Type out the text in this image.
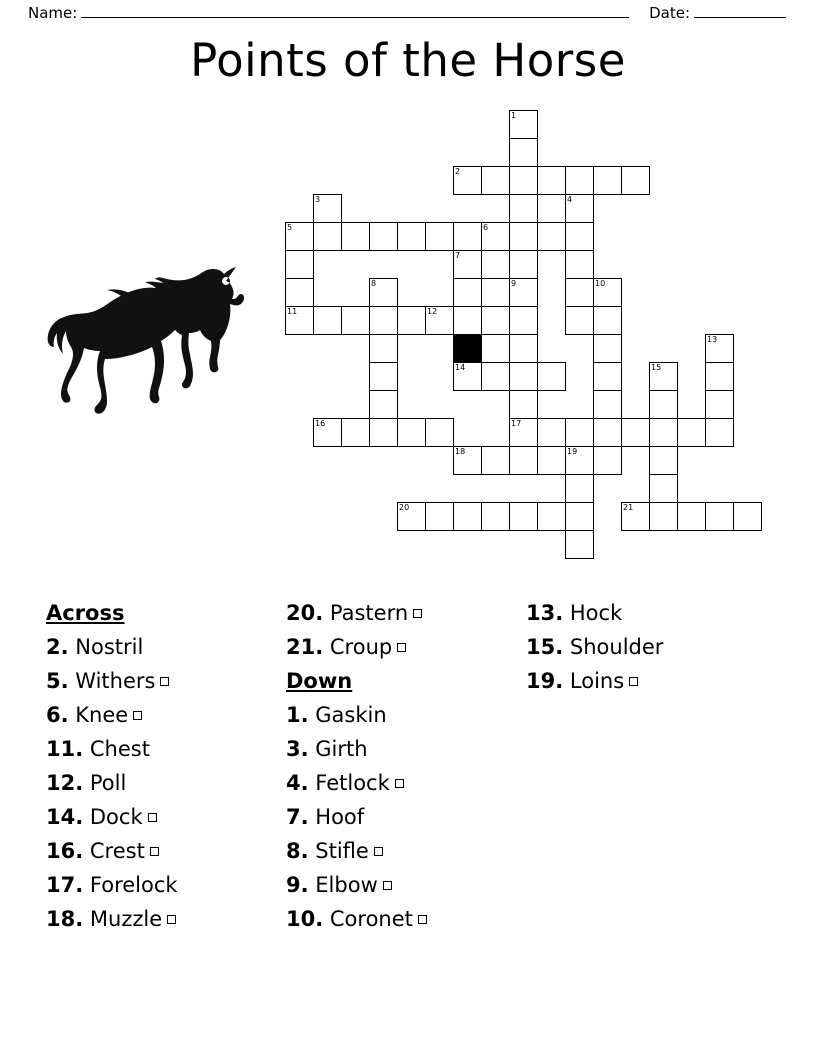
Name:	Date:
Points of the Horse
1
2
3	4
5	6
7
8	9	10
11	12
13
14	15
16	17
18	19
20	21
Across
2. Nostril
5. Withers
6. Knee
11. Chest
12. Poll
14. Dock
16. Crest
17. Forelock
18. Muzzle
20. Pastern
21. Croup
Down
1. Gaskin
3. Girth
4. Fetlock
7. Hoof
8. Stifle
9. Elbow
10. Coronet
13. Hock
15. Shoulder
19. Loins
